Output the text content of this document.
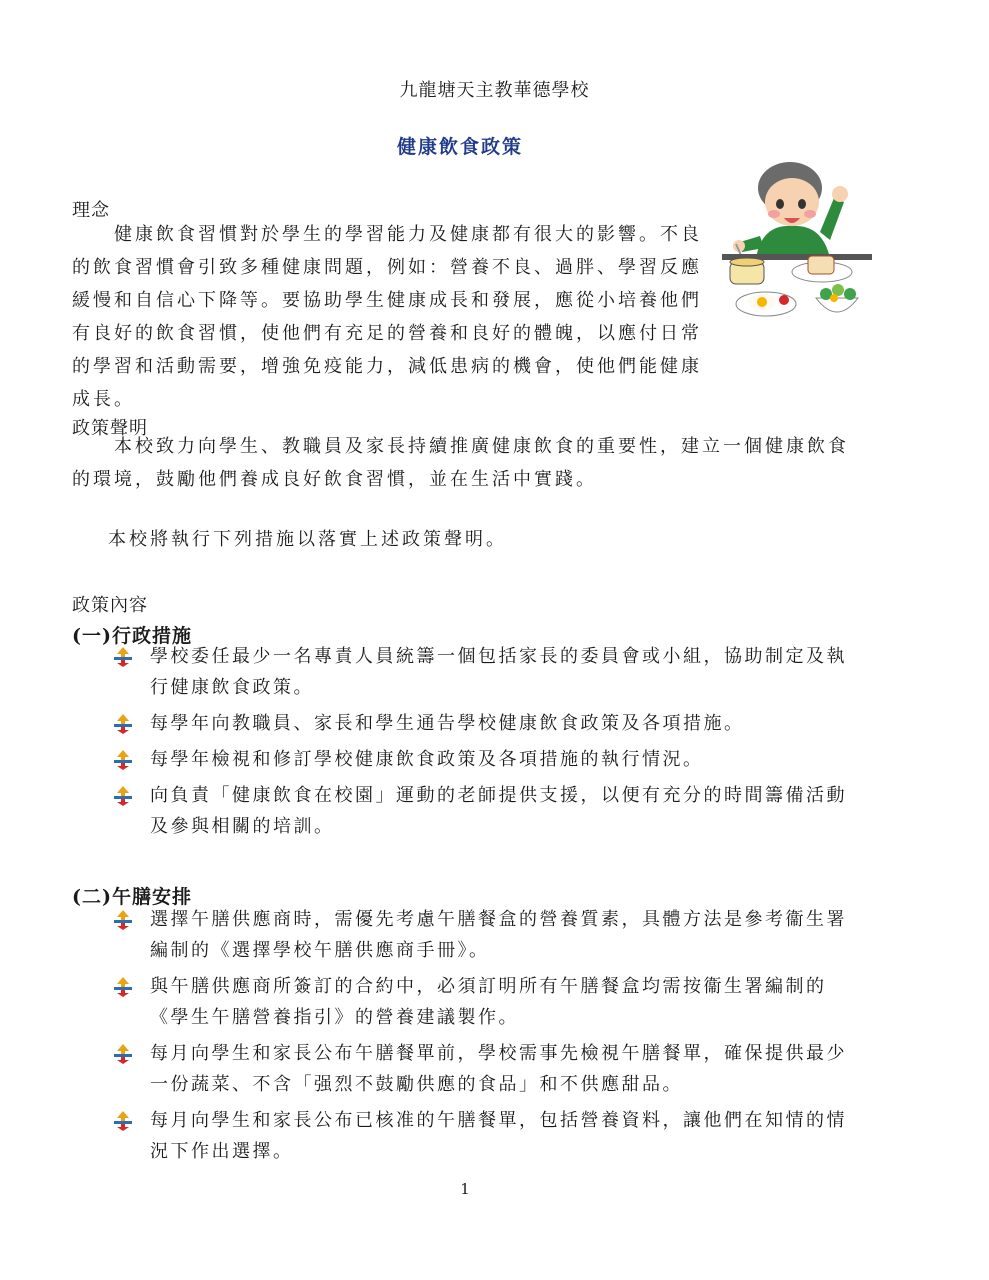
九龍塘天主教華德學校
健康飲食政策
理念
健康飲食習慣對於學生的學習能力及健康都有很大的影響。不良的飲食習慣會引致多種健康問題，例如：營養不良、過胖、學習反應緩慢和自信心下降等。要協助學生健康成長和發展，應從小培養他們有良好的飲食習慣，使他們有充足的營養和良好的體魄，以應付日常的學習和活動需要，增強免疫能力，減低患病的機會，使他們能健康成長。
政策聲明
本校致力向學生、教職員及家長持續推廣健康飲食的重要性，建立一個健康飲食的環境，鼓勵他們養成良好飲食習慣，並在生活中實踐。
本校將執行下列措施以落實上述政策聲明。
政策內容
(一)行政措施
學校委任最少一名專責人員統籌一個包括家長的委員會或小組，協助制定及執行健康飲食政策。
每學年向教職員、家長和學生通告學校健康飲食政策及各項措施。
每學年檢視和修訂學校健康飲食政策及各項措施的執行情況。
向負責「健康飲食在校園」運動的老師提供支援，以便有充分的時間籌備活動及參與相關的培訓。
(二)午膳安排
選擇午膳供應商時，需優先考慮午膳餐盒的營養質素，具體方法是參考衞生署編制的《選擇學校午膳供應商手冊》。
與午膳供應商所簽訂的合約中，必須訂明所有午膳餐盒均需按衞生署編制的《學生午膳營養指引》的營養建議製作。
每月向學生和家長公布午膳餐單前，學校需事先檢視午膳餐單，確保提供最少一份蔬菜、不含「强烈不鼓勵供應的食品」和不供應甜品。
每月向學生和家長公布已核准的午膳餐單，包括營養資料，讓他們在知情的情況下作出選擇。
1
